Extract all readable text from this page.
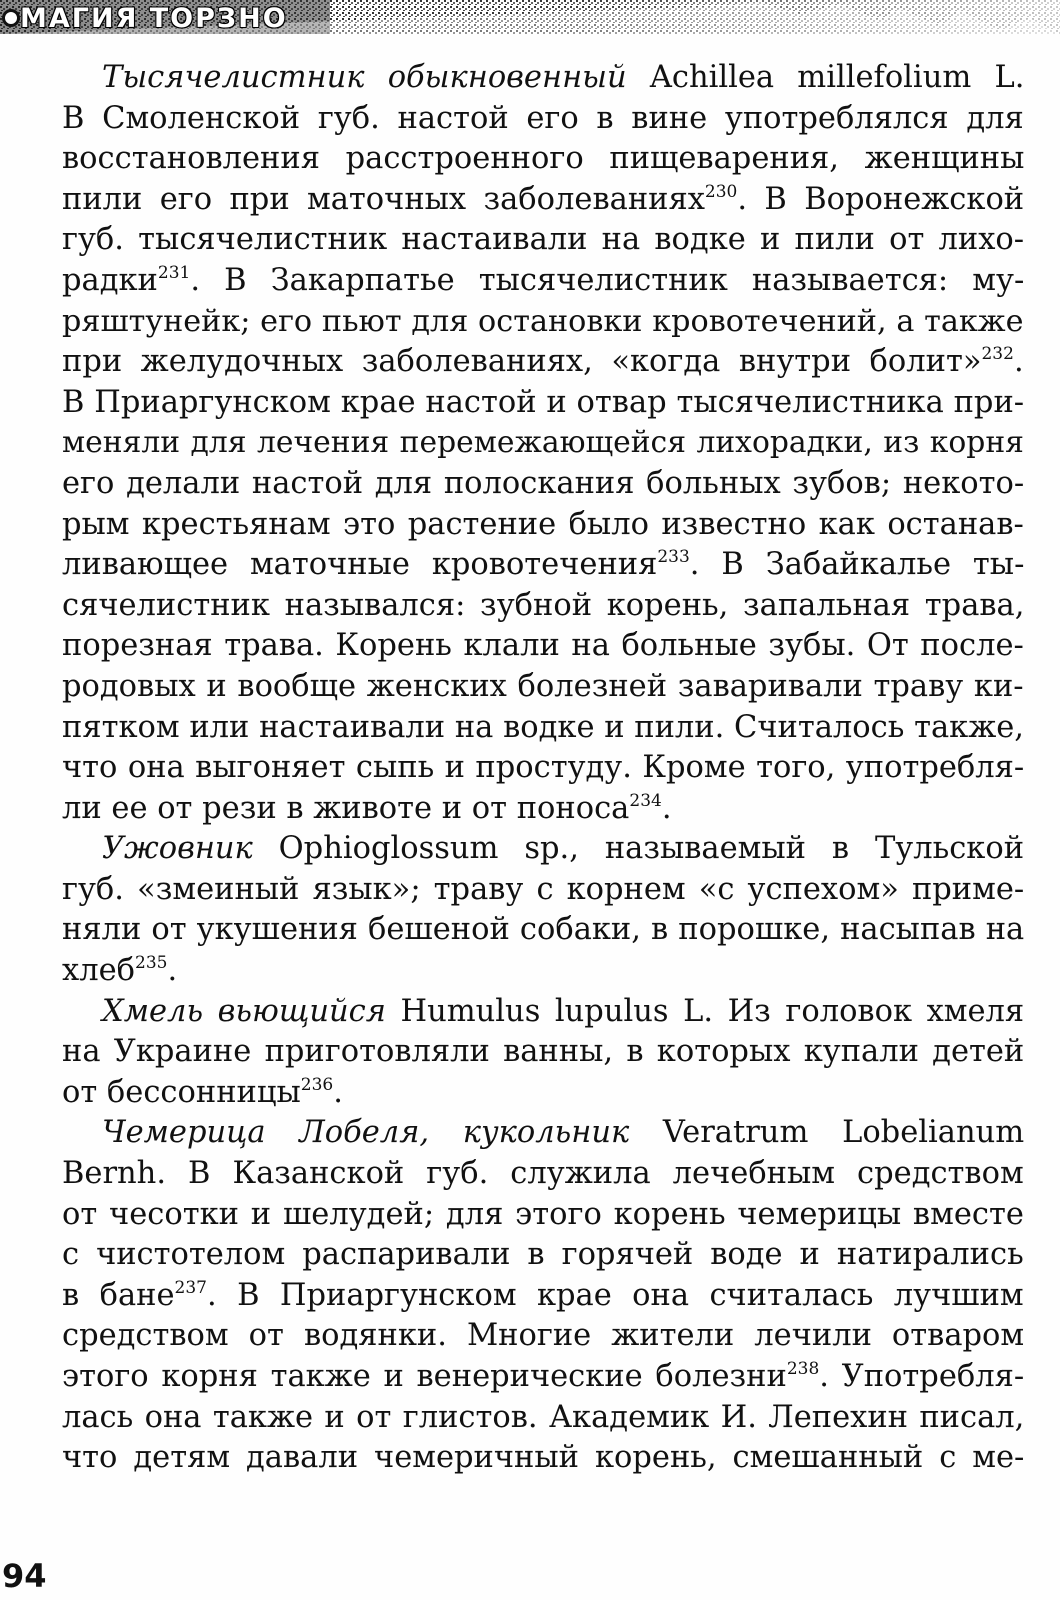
МАГИЯ ТОРЗНО
Тысячелистник обыкновенный Achillea millefolium L.
В Смоленской губ. настой его в вине употреблялся для
восстановления расстроенного пищеварения, женщины
пили его при маточных заболеваниях$^{230}$. В Воронежской
губ. тысячелистник настаивали на водке и пили от лихо-
радки$^{231}$. В Закарпатье тысячелистник называется: му-
ряштунейк; его пьют для остановки кровотечений, а также
при желудочных заболеваниях, «когда внутри болит»$^{232}$.
В Приаргунском крае настой и отвар тысячелистника при-
меняли для лечения перемежающейся лихорадки, из корня
его делали настой для полоскания больных зубов; некото-
рым крестьянам это растение было известно как останав-
ливающее маточные кровотечения$^{233}$. В Забайкалье ты-
сячелистник назывался: зубной корень, запальная трава,
порезная трава. Корень клали на больные зубы. От после-
родовых и вообще женских болезней заваривали траву ки-
пятком или настаивали на водке и пили. Считалось также,
что она выгоняет сыпь и простуду. Кроме того, употребля-
ли ее от рези в животе и от поноса$^{234}$.
Ужовник Ophioglossum sp., называемый в Тульской
губ. «змеиный язык»; траву с корнем «с успехом» приме-
няли от укушения бешеной собаки, в порошке, насыпав на
хлеб$^{235}$.
Хмель вьющийся Humulus lupulus L. Из головок хмеля
на Украине приготовляли ванны, в которых купали детей
от бессонницы$^{236}$.
Чемерица Лобеля, кукольник Veratrum Lobelianum
Bernh. В Казанской губ. служила лечебным средством
от чесотки и шелудей; для этого корень чемерицы вместе
с чистотелом распаривали в горячей воде и натирались
в бане$^{237}$. В Приаргунском крае она считалась лучшим
средством от водянки. Многие жители лечили отваром
этого корня также и венерические болезни$^{238}$. Употребля-
лась она также и от глистов. Академик И. Лепехин писал,
что детям давали чемеричный корень, смешанный с ме-
94
